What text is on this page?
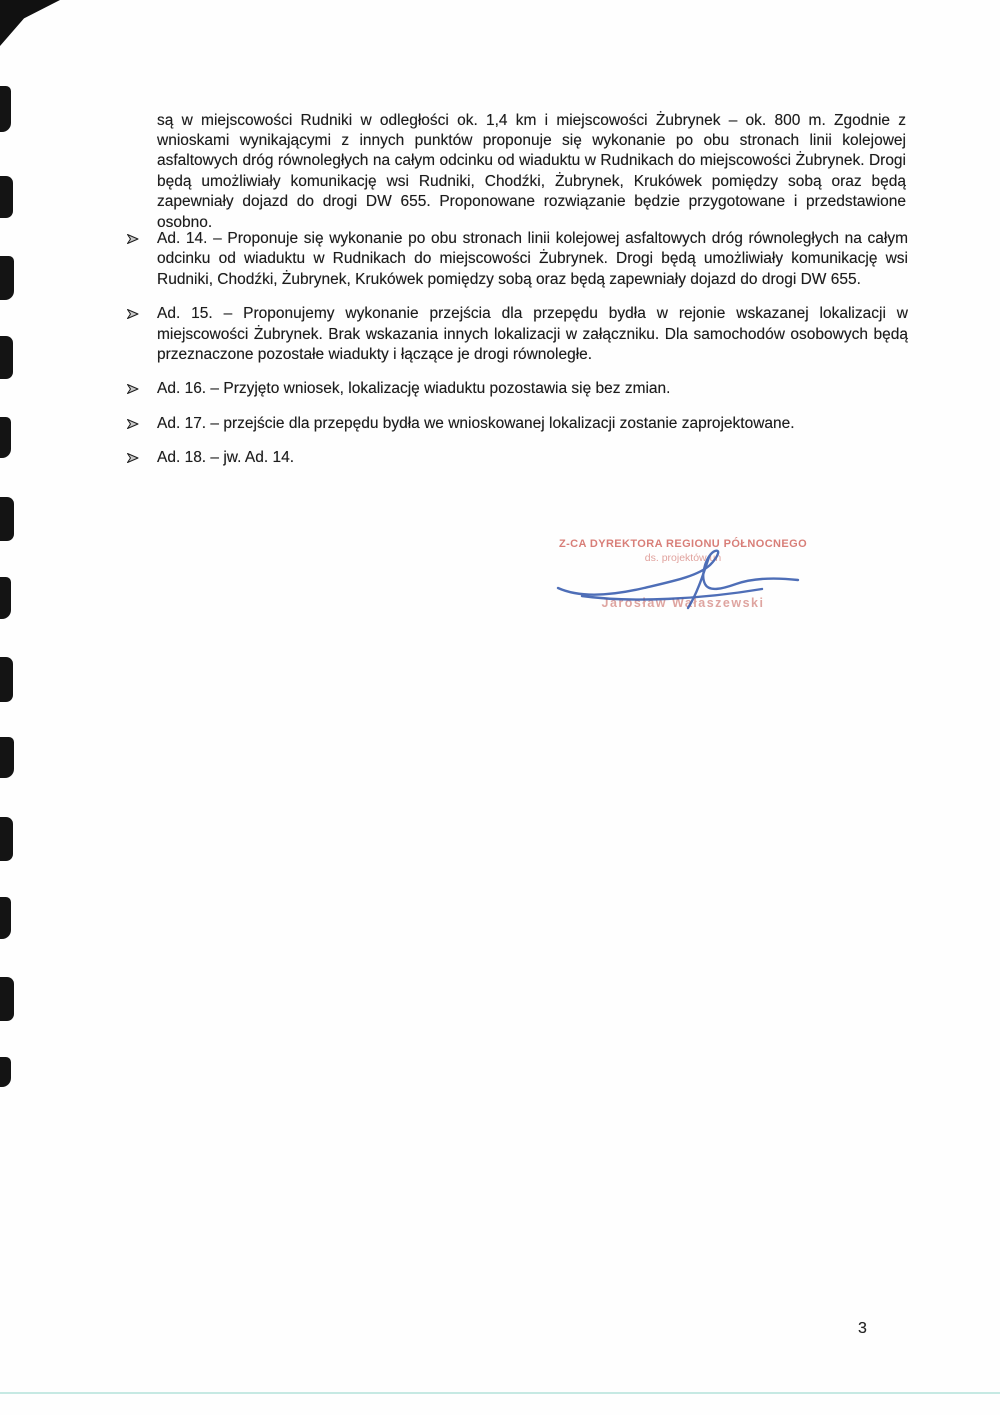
są w miejscowości Rudniki w odległości ok. 1,4 km i miejscowości Żubrynek – ok. 800 m. Zgodnie z wnioskami wynikającymi z innych punktów proponuje się wykonanie po obu stronach linii kolejowej asfaltowych dróg równoległych na całym odcinku od wiaduktu w Rudnikach do miejscowości Żubrynek. Drogi będą umożliwiały komunikację wsi Rudniki, Chodźki, Żubrynek, Krukówek pomiędzy sobą oraz będą zapewniały dojazd do drogi DW 655. Proponowane rozwiązanie będzie przygotowane i przedstawione osobno.

Ad. 14. – Proponuje się wykonanie po obu stronach linii kolejowej asfaltowych dróg równoległych na całym odcinku od wiaduktu w Rudnikach do miejscowości Żubrynek. Drogi będą umożliwiały komunikację wsi Rudniki, Chodźki, Żubrynek, Krukówek pomiędzy sobą oraz będą zapewniały dojazd do drogi DW 655.
Ad. 15. – Proponujemy wykonanie przejścia dla przepędu bydła w rejonie wskazanej lokalizacji w miejscowości Żubrynek. Brak wskazania innych lokalizacji w załączniku. Dla samochodów osobowych będą przeznaczone pozostałe wiadukty i łączące je drogi równoległe.
Ad. 16. – Przyjęto wniosek, lokalizację wiaduktu pozostawia się bez zmian.
Ad. 17. – przejście dla przepędu bydła we wnioskowanej lokalizacji zostanie zaprojektowane.
Ad. 18. – jw. Ad. 14.
Z-CA DYREKTORA REGIONU PÓŁNOCNEGO
ds. projektów un
Jarosław Wałaszewski
3
